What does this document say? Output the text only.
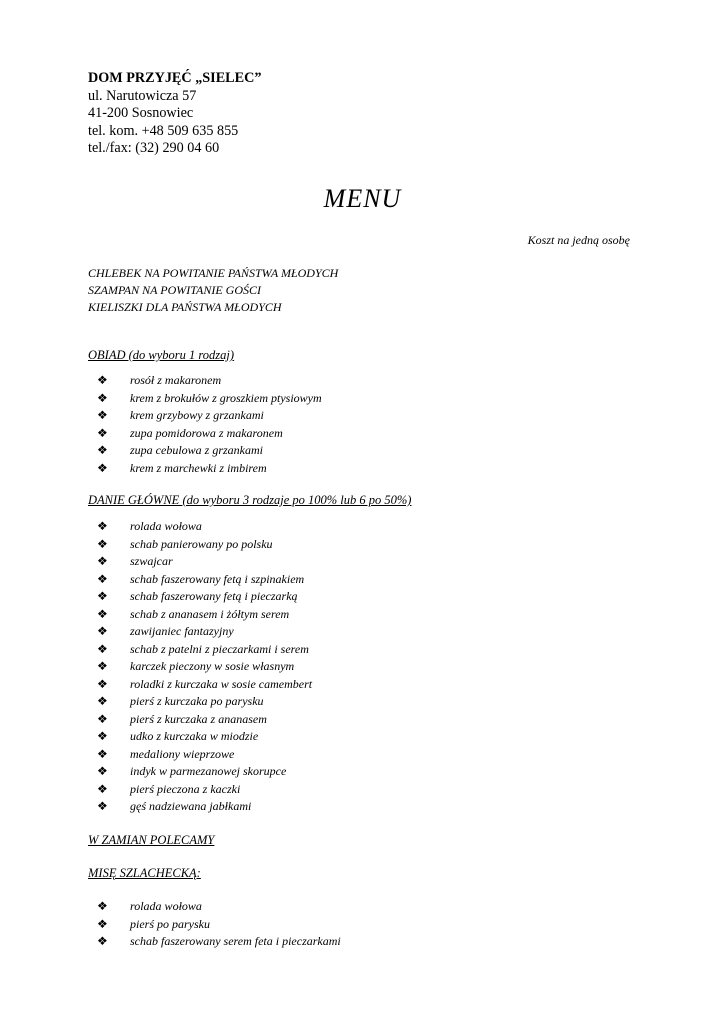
DOM PRZYJĘĆ „SIELEC”
ul. Narutowicza 57
41-200 Sosnowiec
tel. kom. +48 509 635 855
tel./fax: (32) 290 04 60
MENU
Koszt na jedną osobę
CHLEBEK NA POWITANIE PAŃSTWA MŁODYCH
SZAMPAN NA POWITANIE GOŚCI
KIELISZKI DLA PAŃSTWA MŁODYCH
OBIAD (do wyboru 1 rodzaj)
❖ rosół z makaronem
❖ krem z brokułów z groszkiem ptysiowym
❖ krem grzybowy z grzankami
❖ zupa pomidorowa z makaronem
❖ zupa cebulowa z grzankami
❖ krem z marchewki z imbirem
DANIE GŁÓWNE (do wyboru 3 rodzaje po 100% lub 6 po 50%)
❖ rolada wołowa
❖ schab panierowany po polsku
❖ szwajcar
❖ schab faszerowany fetą i szpinakiem
❖ schab faszerowany fetą i pieczarką
❖ schab z ananasem i żółtym serem
❖ zawijaniec fantazyjny
❖ schab z patelni z pieczarkami i serem
❖ karczek pieczony w sosie własnym
❖ roladki z kurczaka w sosie camembert
❖ pierś z kurczaka po parysku
❖ pierś z kurczaka z ananasem
❖ udko z kurczaka w miodzie
❖ medaliony wieprzowe
❖ indyk w parmezanowej skorupce
❖ pierś pieczona z kaczki
❖ gęś nadziewana jabłkami
W ZAMIAN POLECAMY
MISĘ SZLACHECKĄ:
❖ rolada wołowa
❖ pierś po parysku
❖ schab faszerowany serem feta i pieczarkami
